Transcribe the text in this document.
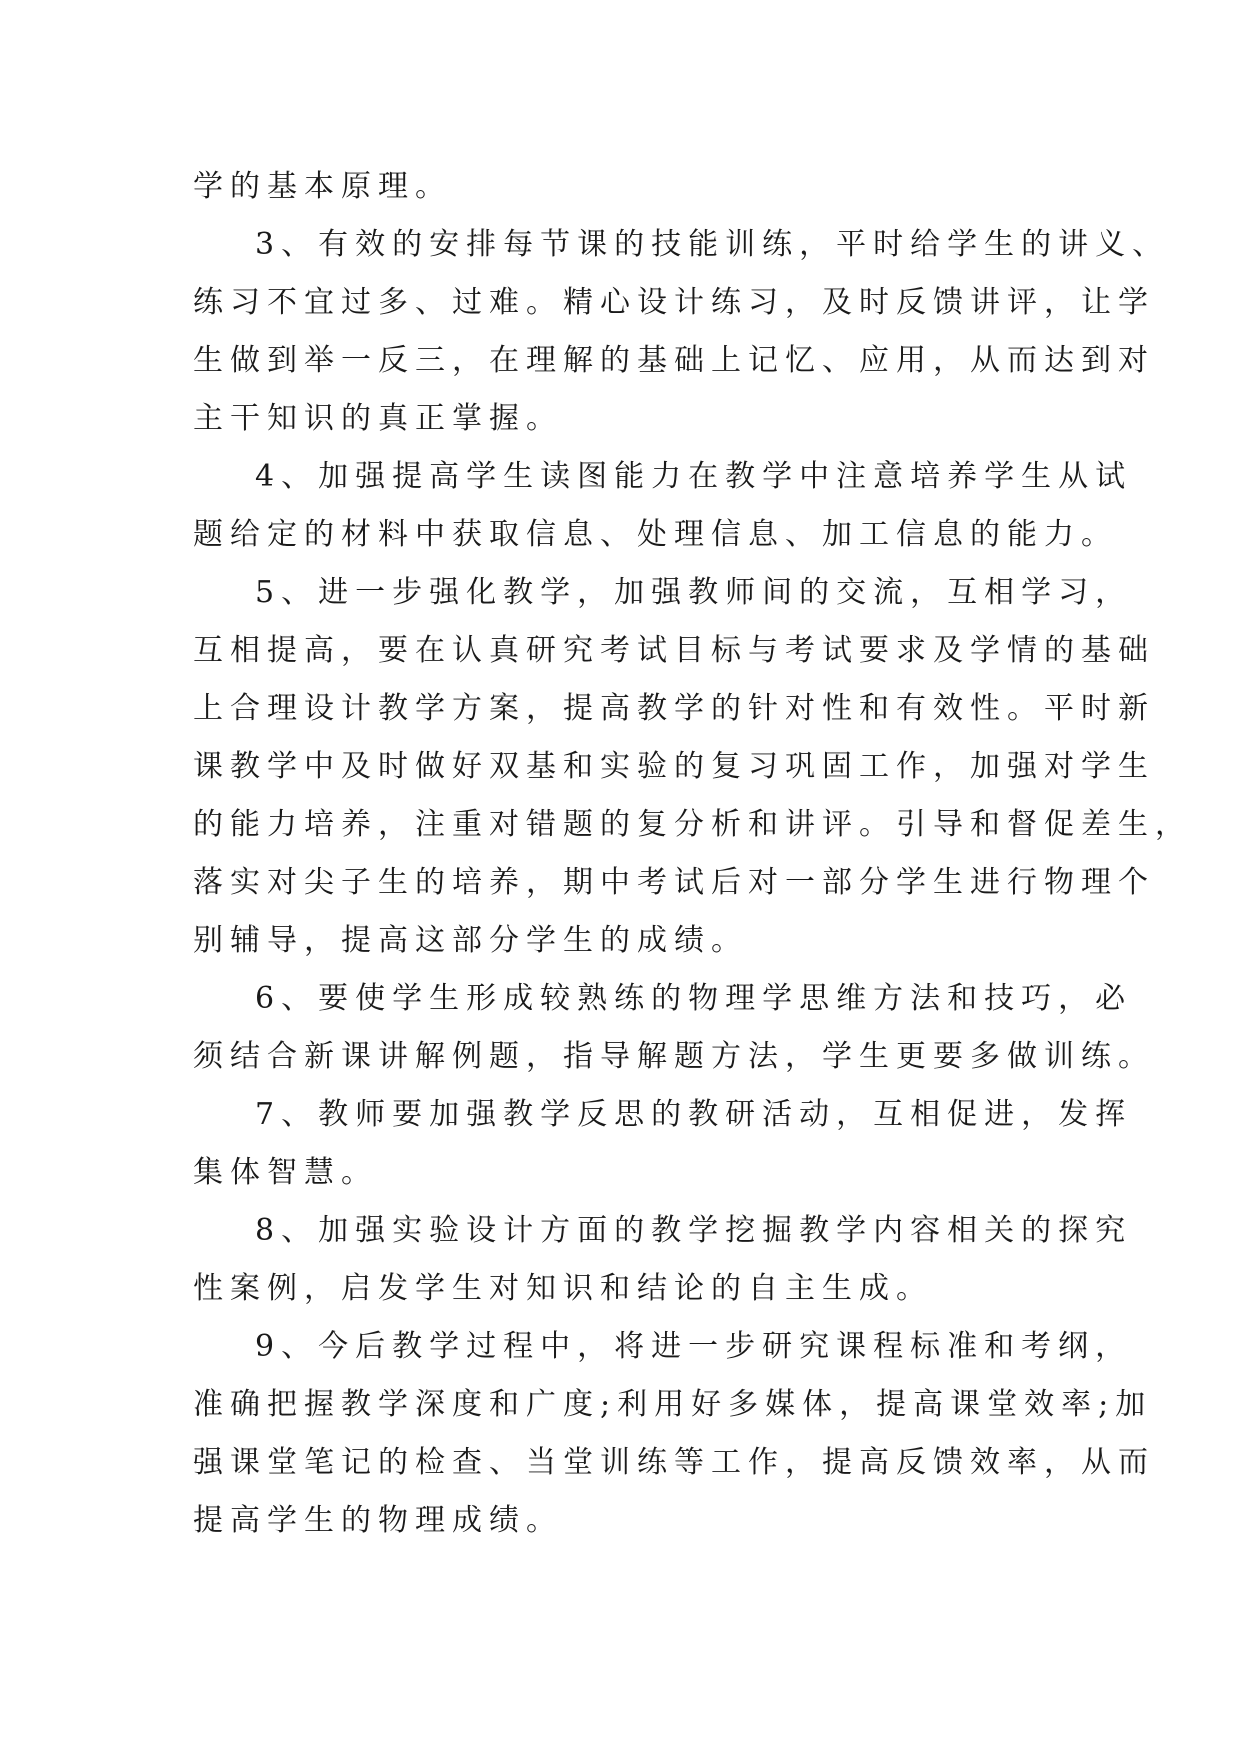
学的基本原理。
3、有效的安排每节课的技能训练，平时给学生的讲义、
练习不宜过多、过难。精心设计练习，及时反馈讲评，让学
生做到举一反三，在理解的基础上记忆、应用，从而达到对
主干知识的真正掌握。
4、加强提高学生读图能力在教学中注意培养学生从试
题给定的材料中获取信息、处理信息、加工信息的能力。
5、进一步强化教学，加强教师间的交流，互相学习，
互相提高，要在认真研究考试目标与考试要求及学情的基础
上合理设计教学方案，提高教学的针对性和有效性。平时新
课教学中及时做好双基和实验的复习巩固工作，加强对学生
的能力培养，注重对错题的复分析和讲评。引导和督促差生，
落实对尖子生的培养，期中考试后对一部分学生进行物理个
别辅导，提高这部分学生的成绩。
6、要使学生形成较熟练的物理学思维方法和技巧，必
须结合新课讲解例题，指导解题方法，学生更要多做训练。
7、教师要加强教学反思的教研活动，互相促进，发挥
集体智慧。
8、加强实验设计方面的教学挖掘教学内容相关的探究
性案例，启发学生对知识和结论的自主生成。
9、今后教学过程中，将进一步研究课程标准和考纲，
准确把握教学深度和广度;利用好多媒体，提高课堂效率;加
强课堂笔记的检查、当堂训练等工作，提高反馈效率，从而
提高学生的物理成绩。
